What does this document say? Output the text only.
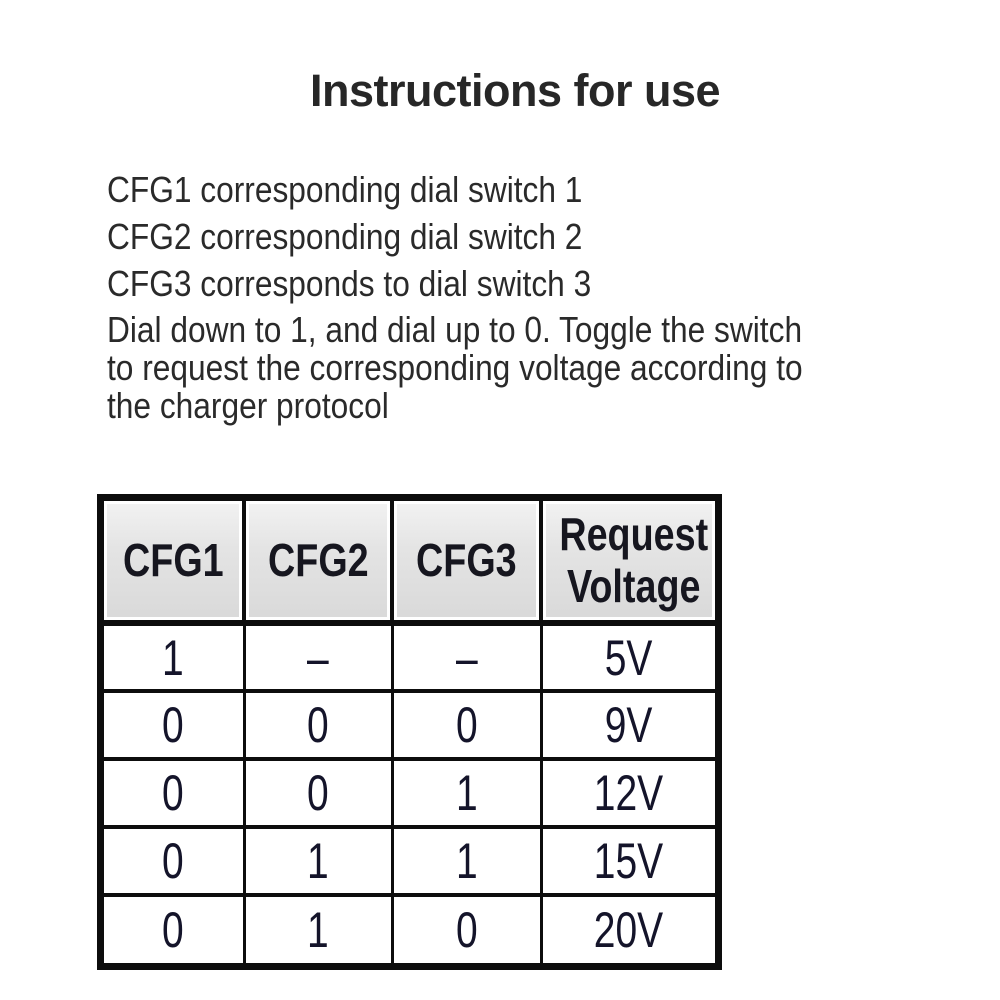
Instructions for use
CFG1 corresponding dial switch 1
CFG2 corresponding dial switch 2
CFG3 corresponds to dial switch 3
Dial down to 1, and dial up to 0. Toggle the switch
to request the corresponding voltage according to
the charger protocol
CFG1	CFG2	CFG3	Request Voltage
1	–	–	5V
0	0	0	9V
0	0	1	12V
0	1	1	15V
0	1	0	20V
